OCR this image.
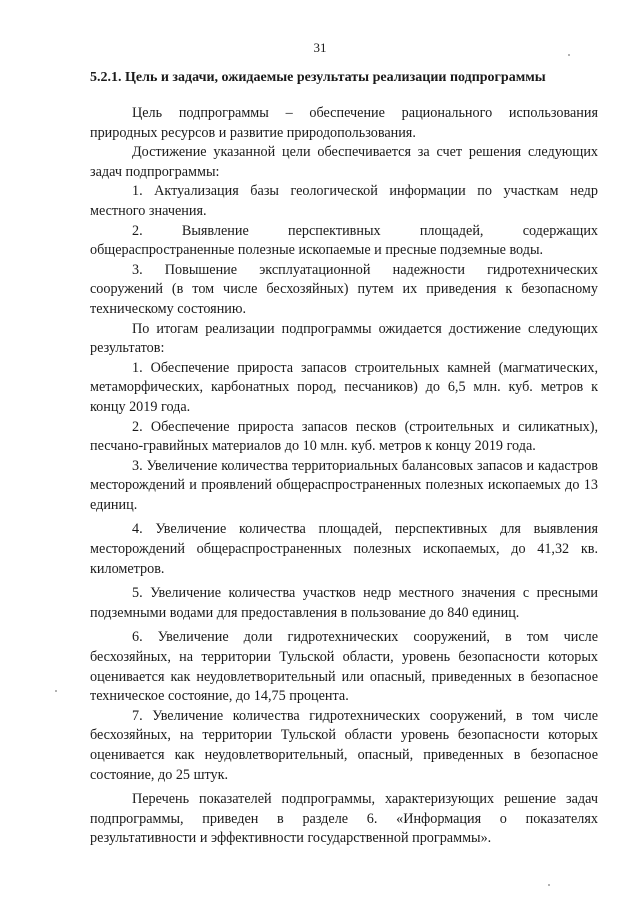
31
5.2.1. Цель и задачи, ожидаемые результаты реализации подпрограммы

Цель подпрограммы – обеспечение рационального использования природных ресурсов и развитие природопользования.

Достижение указанной цели обеспечивается за счет решения следующих задач подпрограммы:

1. Актуализация базы геологической информации по участкам недр местного значения.

2. Выявление перспективных площадей, содержащих общераспространенные полезные ископаемые и пресные подземные воды.

3. Повышение эксплуатационной надежности гидротехнических сооружений (в том числе бесхозяйных) путем их приведения к безопасному техническому состоянию.

По итогам реализации подпрограммы ожидается достижение следующих результатов:

1. Обеспечение прироста запасов строительных камней (магматических, метаморфических, карбонатных пород, песчаников) до 6,5 млн. куб. метров к концу 2019 года.

2. Обеспечение прироста запасов песков (строительных и силикатных), песчано-гравийных материалов до 10 млн. куб. метров к концу 2019 года.

3. Увеличение количества территориальных балансовых запасов и кадастров месторождений и проявлений общераспространенных полезных ископаемых до 13 единиц.

4. Увеличение количества площадей, перспективных для выявления месторождений общераспространенных полезных ископаемых, до 41,32 кв. километров.

5. Увеличение количества участков недр местного значения с пресными подземными водами для предоставления в пользование до 840 единиц.

6. Увеличение доли гидротехнических сооружений, в том числе бесхозяйных, на территории Тульской области, уровень безопасности которых оценивается как неудовлетворительный или опасный, приведенных в безопасное техническое состояние, до 14,75 процента.

7. Увеличение количества гидротехнических сооружений, в том числе бесхозяйных, на территории Тульской области уровень безопасности которых оценивается как неудовлетворительный, опасный, приведенных в безопасное состояние, до 25 штук.

Перечень показателей подпрограммы, характеризующих решение задач подпрограммы, приведен в разделе 6. «Информация о показателях результативности и эффективности государственной программы».
